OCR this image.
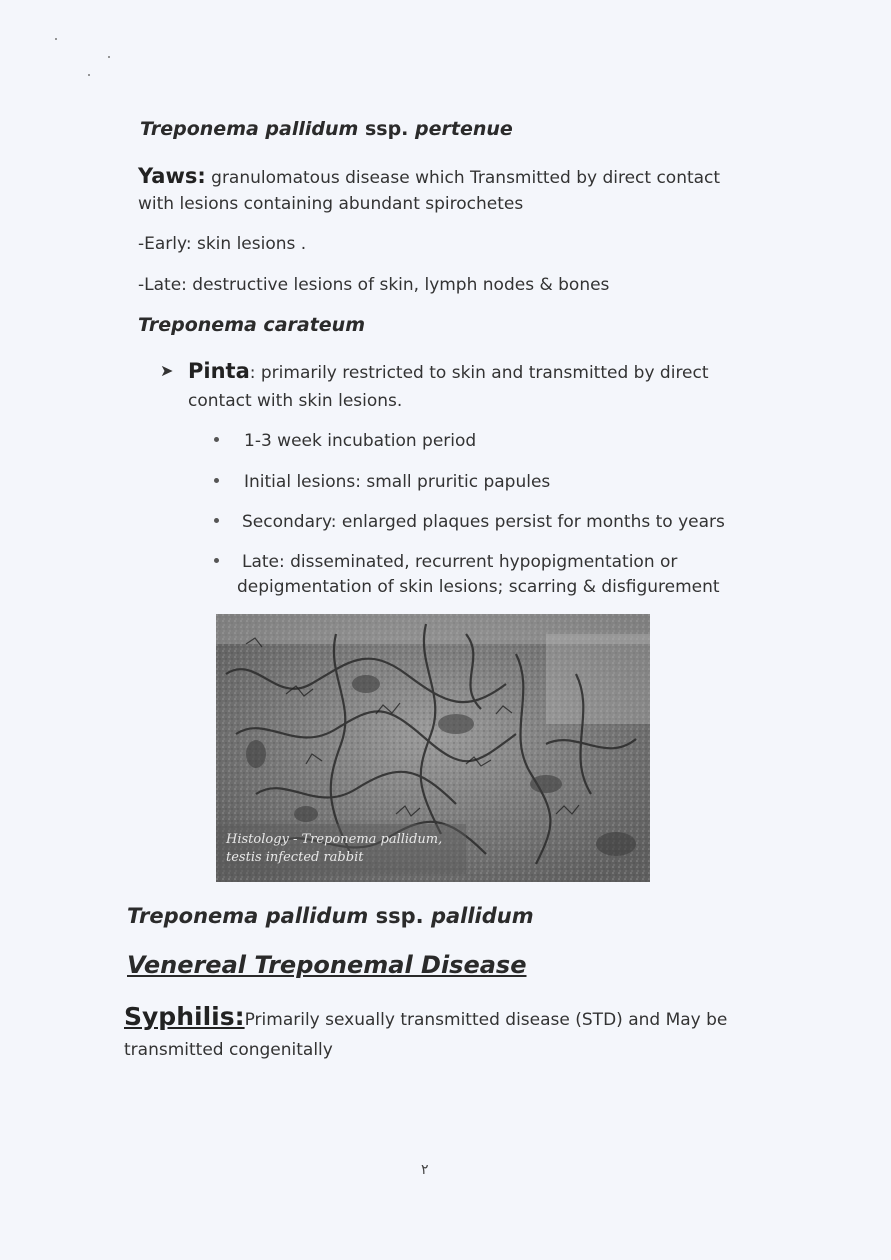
Treponema pallidum ssp. pertenue
Yaws: granulomatous disease which Transmitted by direct contact
with lesions containing abundant spirochetes
-Early: skin lesions .
-Late: destructive lesions of skin, lymph nodes & bones
Treponema carateum
➤ Pinta: primarily restricted to skin and transmitted by direct
contact with skin lesions.
1-3 week incubation period
Initial lesions: small pruritic papules
Secondary: enlarged plaques persist for months to years
Late: disseminated, recurrent hypopigmentation or
depigmentation of skin lesions; scarring & disfigurement
Histology - Treponema pallidum,
testis infected rabbit
Treponema pallidum ssp. pallidum
Venereal Treponemal Disease
Syphilis:Primarily sexually transmitted disease (STD) and May be
transmitted congenitally
٢
